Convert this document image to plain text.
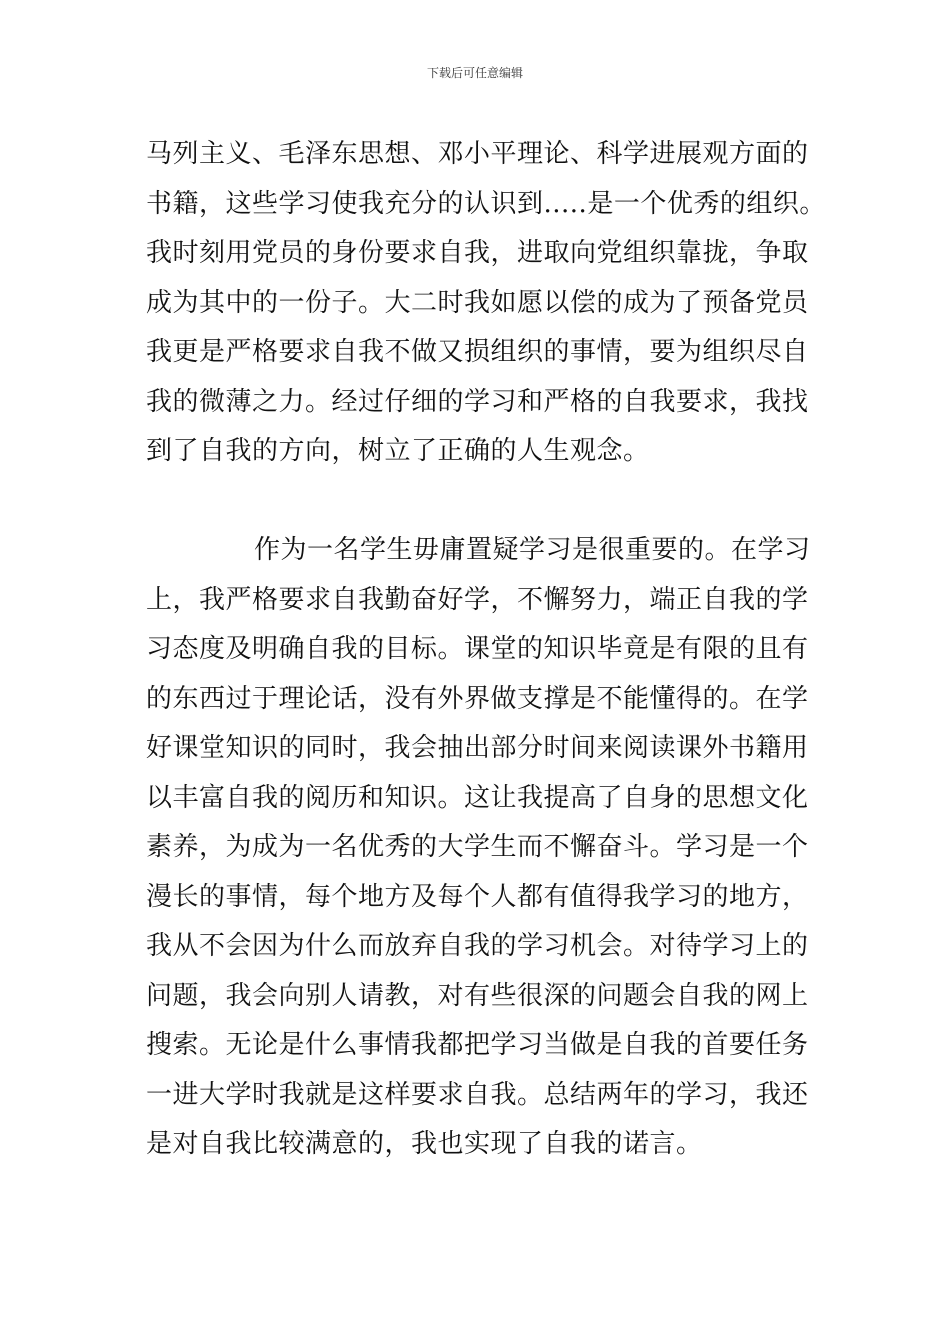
下载后可任意编辑
马列主义、毛泽东思想、邓小平理论、科学进展观方面的
书籍，这些学习使我充分的认识到.....是一个优秀的组织。
我时刻用党员的身份要求自我，进取向党组织靠拢，争取
成为其中的一份子。大二时我如愿以偿的成为了预备党员
我更是严格要求自我不做又损组织的事情，要为组织尽自
我的微薄之力。经过仔细的学习和严格的自我要求，我找
到了自我的方向，树立了正确的人生观念。
作为一名学生毋庸置疑学习是很重要的。在学习
上，我严格要求自我勤奋好学，不懈努力，端正自我的学
习态度及明确自我的目标。课堂的知识毕竟是有限的且有
的东西过于理论话，没有外界做支撑是不能懂得的。在学
好课堂知识的同时，我会抽出部分时间来阅读课外书籍用
以丰富自我的阅历和知识。这让我提高了自身的思想文化
素养，为成为一名优秀的大学生而不懈奋斗。学习是一个
漫长的事情，每个地方及每个人都有值得我学习的地方，
我从不会因为什么而放弃自我的学习机会。对待学习上的
问题，我会向别人请教，对有些很深的问题会自我的网上
搜索。无论是什么事情我都把学习当做是自我的首要任务
一进大学时我就是这样要求自我。总结两年的学习，我还
是对自我比较满意的，我也实现了自我的诺言。
